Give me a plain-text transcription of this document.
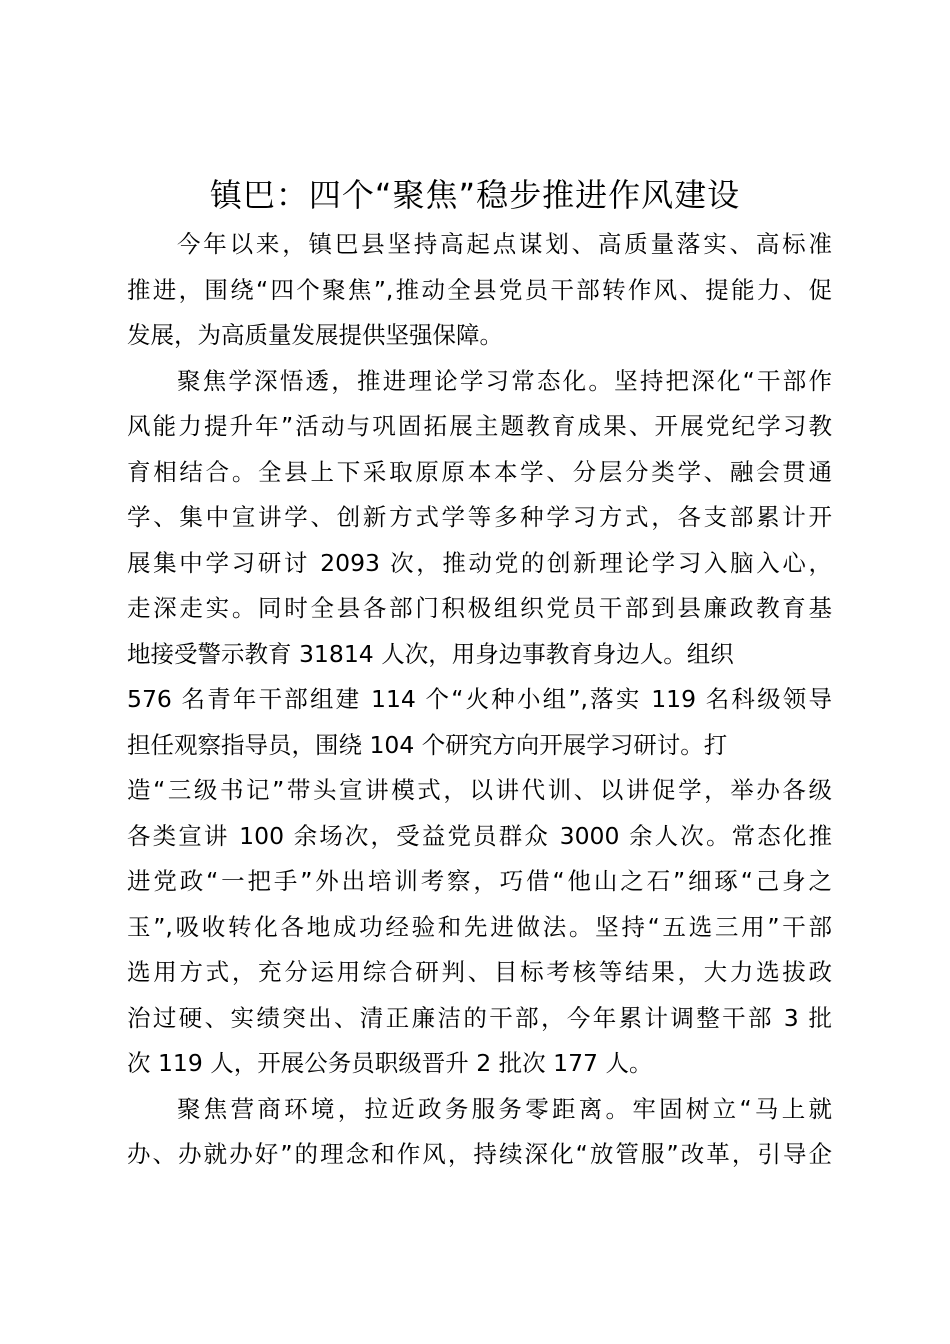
镇巴：四个“聚焦”稳步推进作风建设
今年以来，镇巴县坚持高起点谋划、高质量落实、高标准
推进，围绕“四个聚焦”,推动全县党员干部转作风、提能力、促
发展，为高质量发展提供坚强保障。
聚焦学深悟透，推进理论学习常态化。坚持把深化“干部作
风能力提升年”活动与巩固拓展主题教育成果、开展党纪学习教
育相结合。全县上下采取原原本本学、分层分类学、融会贯通
学、集中宣讲学、创新方式学等多种学习方式，各支部累计开
展集中学习研讨 2093 次，推动党的创新理论学习入脑入心，
走深走实。同时全县各部门积极组织党员干部到县廉政教育基
地接受警示教育 31814 人次，用身边事教育身边人。组织
576 名青年干部组建 114 个“火种小组”,落实 119 名科级领导
担任观察指导员，围绕 104 个研究方向开展学习研讨。打
造“三级书记”带头宣讲模式，以讲代训、以讲促学，举办各级
各类宣讲 100 余场次，受益党员群众 3000 余人次。常态化推
进党政“一把手”外出培训考察，巧借“他山之石”细琢“己身之
玉”,吸收转化各地成功经验和先进做法。坚持“五选三用”干部
选用方式，充分运用综合研判、目标考核等结果，大力选拔政
治过硬、实绩突出、清正廉洁的干部，今年累计调整干部 3 批
次 119 人，开展公务员职级晋升 2 批次 177 人。
聚焦营商环境，拉近政务服务零距离。牢固树立“马上就
办、办就办好”的理念和作风，持续深化“放管服”改革，引导企
